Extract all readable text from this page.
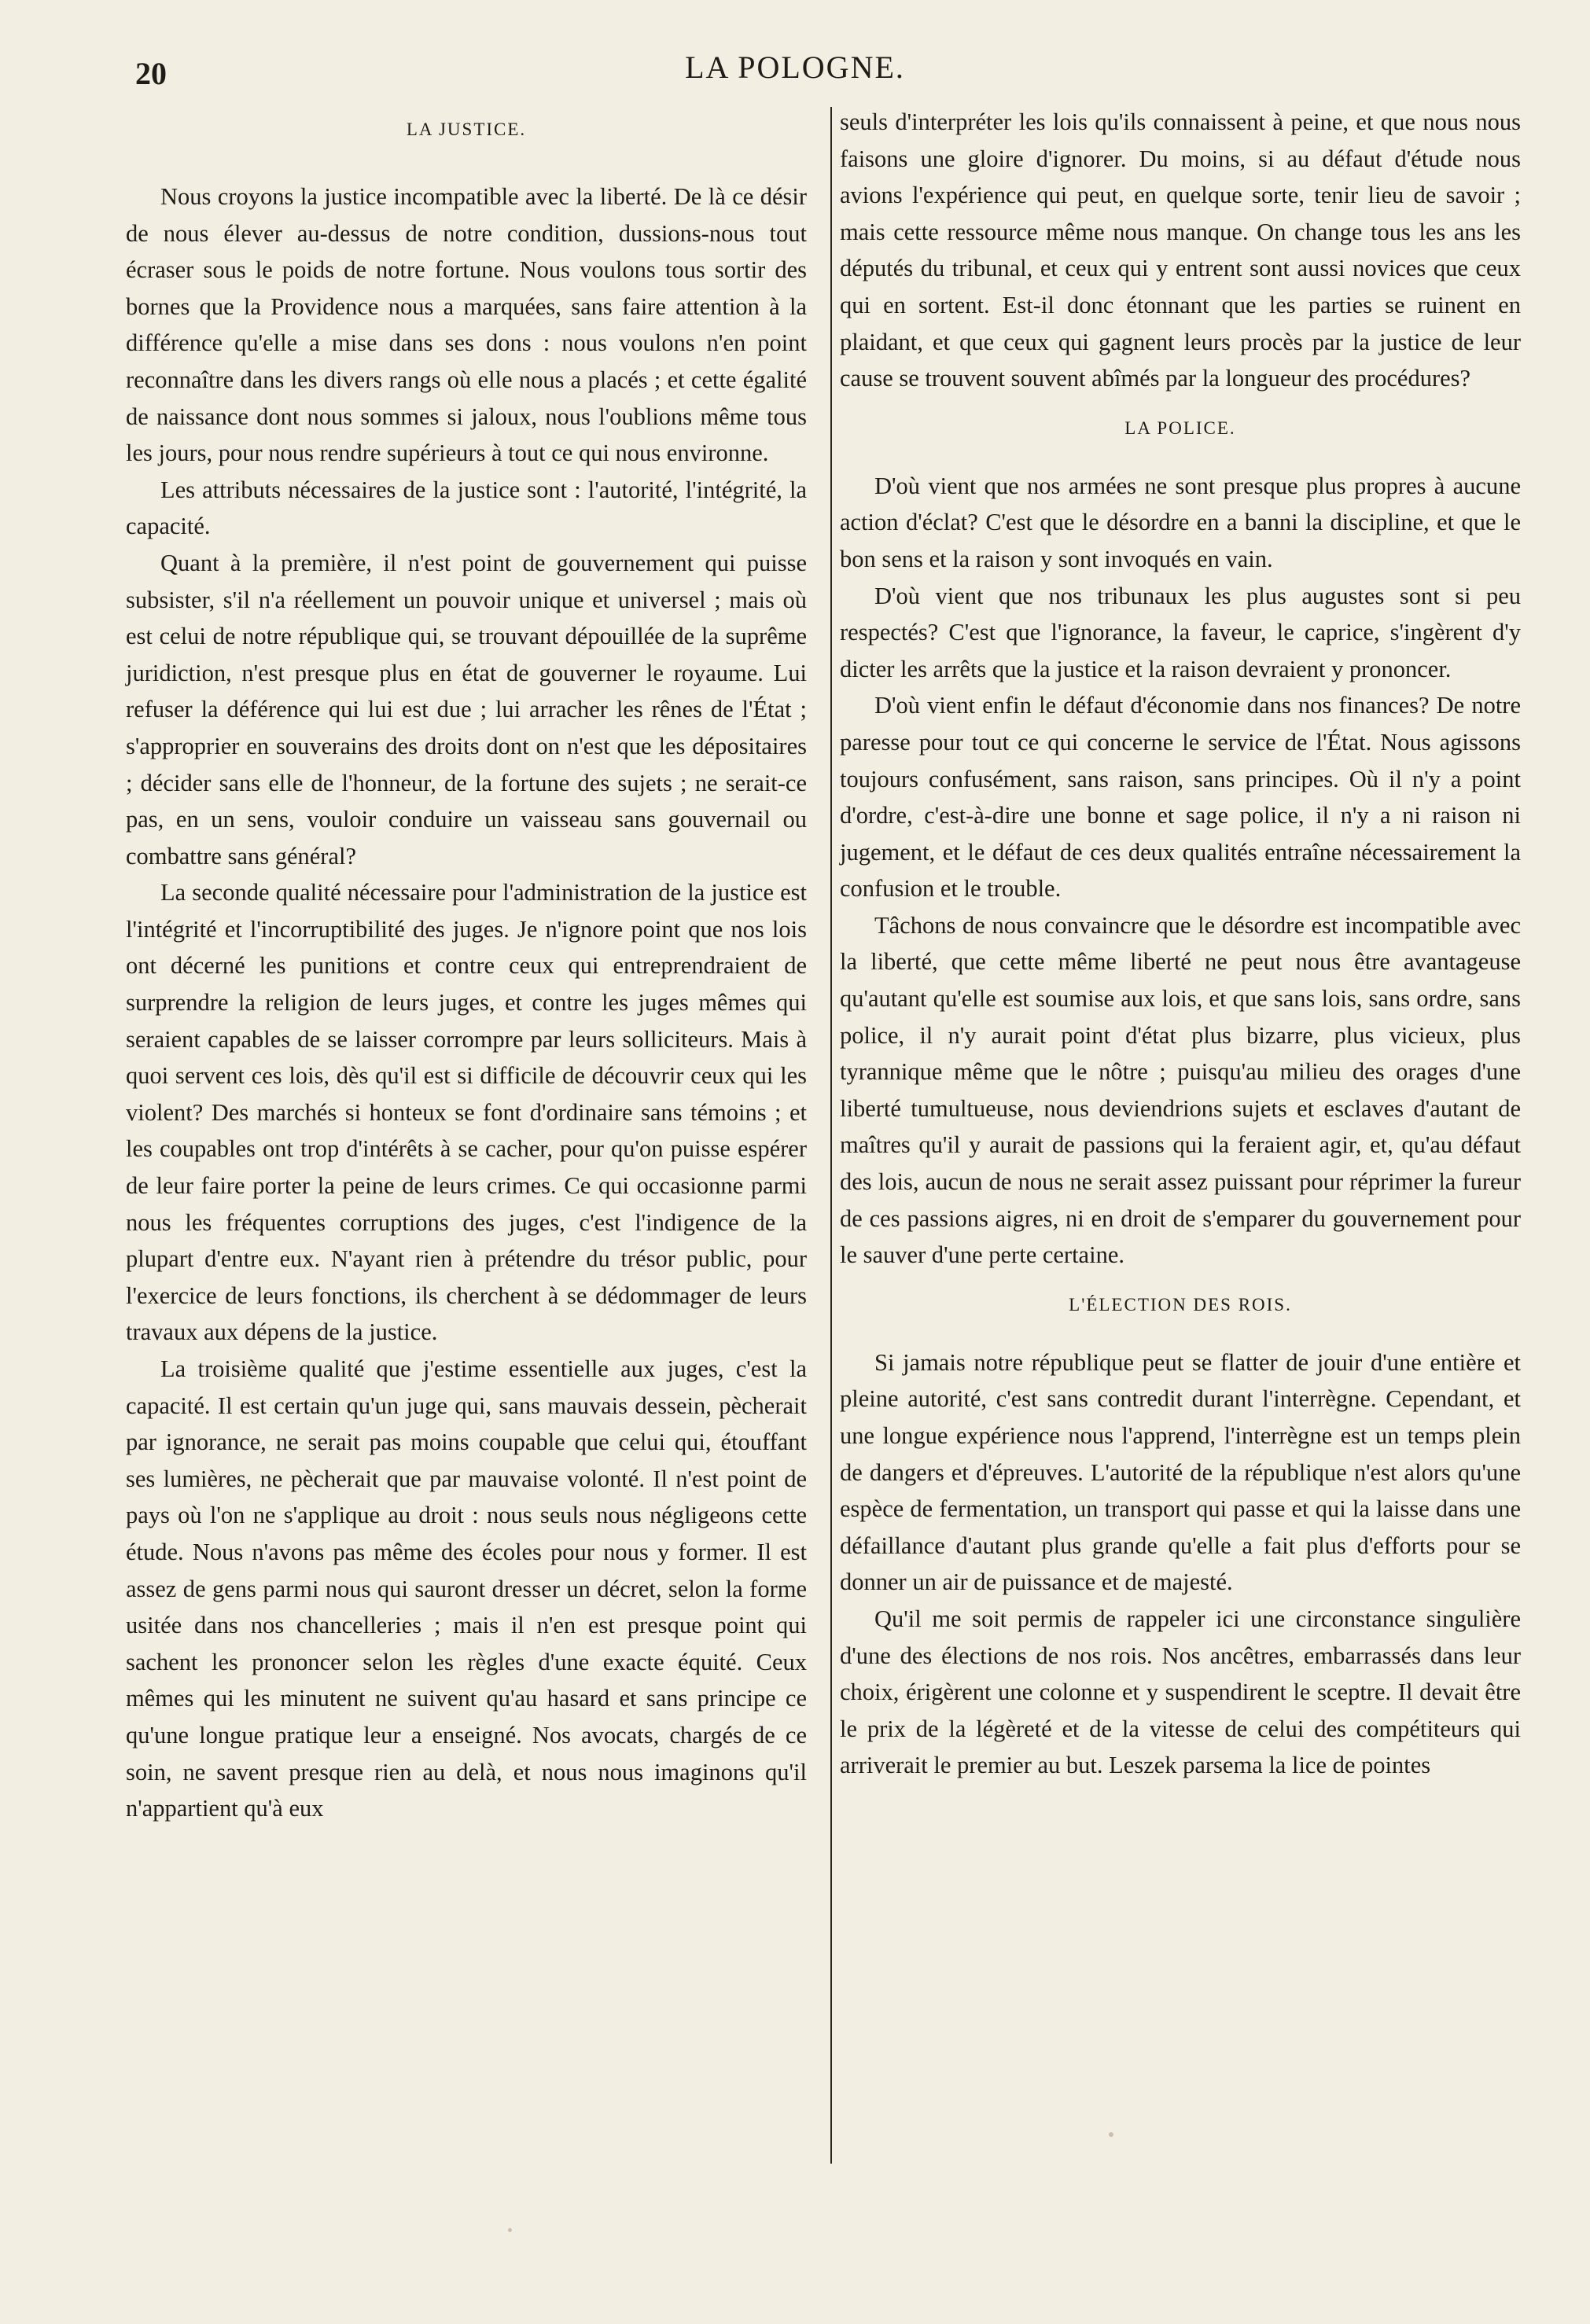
20	LA POLOGNE.
LA JUSTICE.

Nous croyons la justice incompatible avec la liberté. De là ce désir de nous élever au-dessus de notre condition, dussions-nous tout écraser sous le poids de notre fortune. Nous voulons tous sortir des bornes que la Providence nous a marquées, sans faire attention à la différence qu'elle a mise dans ses dons : nous voulons n'en point reconnaître dans les divers rangs où elle nous a placés ; et cette égalité de naissance dont nous sommes si jaloux, nous l'oublions même tous les jours, pour nous rendre supérieurs à tout ce qui nous environne.

Les attributs nécessaires de la justice sont : l'autorité, l'intégrité, la capacité.

Quant à la première, il n'est point de gouvernement qui puisse subsister, s'il n'a réellement un pouvoir unique et universel ; mais où est celui de notre république qui, se trouvant dépouillée de la suprême juridiction, n'est presque plus en état de gouverner le royaume. Lui refuser la déférence qui lui est due ; lui arracher les rênes de l'État ; s'approprier en souverains des droits dont on n'est que les dépositaires ; décider sans elle de l'honneur, de la fortune des sujets ; ne serait-ce pas, en un sens, vouloir conduire un vaisseau sans gouvernail ou combattre sans général?

La seconde qualité nécessaire pour l'administration de la justice est l'intégrité et l'incorruptibilité des juges. Je n'ignore point que nos lois ont décerné les punitions et contre ceux qui entreprendraient de surprendre la religion de leurs juges, et contre les juges mêmes qui seraient capables de se laisser corrompre par leurs solliciteurs. Mais à quoi servent ces lois, dès qu'il est si difficile de découvrir ceux qui les violent? Des marchés si honteux se font d'ordinaire sans témoins ; et les coupables ont trop d'intérêts à se cacher, pour qu'on puisse espérer de leur faire porter la peine de leurs crimes. Ce qui occasionne parmi nous les fréquentes corruptions des juges, c'est l'indigence de la plupart d'entre eux. N'ayant rien à prétendre du trésor public, pour l'exercice de leurs fonctions, ils cherchent à se dédommager de leurs travaux aux dépens de la justice.

La troisième qualité que j'estime essentielle aux juges, c'est la capacité. Il est certain qu'un juge qui, sans mauvais dessein, pècherait par ignorance, ne serait pas moins coupable que celui qui, étouffant ses lumières, ne pècherait que par mauvaise volonté. Il n'est point de pays où l'on ne s'applique au droit : nous seuls nous négligeons cette étude. Nous n'avons pas même des écoles pour nous y former. Il est assez de gens parmi nous qui sauront dresser un décret, selon la forme usitée dans nos chancelleries ; mais il n'en est presque point qui sachent les prononcer selon les règles d'une exacte équité. Ceux mêmes qui les minutent ne suivent qu'au hasard et sans principe ce qu'une longue pratique leur a enseigné. Nos avocats, chargés de ce soin, ne savent presque rien au delà, et nous nous imaginons qu'il n'appartient qu'à eux

seuls d'interpréter les lois qu'ils connaissent à peine, et que nous nous faisons une gloire d'ignorer. Du moins, si au défaut d'étude nous avions l'expérience qui peut, en quelque sorte, tenir lieu de savoir ; mais cette ressource même nous manque. On change tous les ans les députés du tribunal, et ceux qui y entrent sont aussi novices que ceux qui en sortent. Est-il donc étonnant que les parties se ruinent en plaidant, et que ceux qui gagnent leurs procès par la justice de leur cause se trouvent souvent abîmés par la longueur des procédures?

LA POLICE.

D'où vient que nos armées ne sont presque plus propres à aucune action d'éclat? C'est que le désordre en a banni la discipline, et que le bon sens et la raison y sont invoqués en vain.

D'où vient que nos tribunaux les plus augustes sont si peu respectés? C'est que l'ignorance, la faveur, le caprice, s'ingèrent d'y dicter les arrêts que la justice et la raison devraient y prononcer.

D'où vient enfin le défaut d'économie dans nos finances? De notre paresse pour tout ce qui concerne le service de l'État. Nous agissons toujours confusément, sans raison, sans principes. Où il n'y a point d'ordre, c'est-à-dire une bonne et sage police, il n'y a ni raison ni jugement, et le défaut de ces deux qualités entraîne nécessairement la confusion et le trouble.

Tâchons de nous convaincre que le désordre est incompatible avec la liberté, que cette même liberté ne peut nous être avantageuse qu'autant qu'elle est soumise aux lois, et que sans lois, sans ordre, sans police, il n'y aurait point d'état plus bizarre, plus vicieux, plus tyrannique même que le nôtre ; puisqu'au milieu des orages d'une liberté tumultueuse, nous deviendrions sujets et esclaves d'autant de maîtres qu'il y aurait de passions qui la feraient agir, et, qu'au défaut des lois, aucun de nous ne serait assez puissant pour réprimer la fureur de ces passions aigres, ni en droit de s'emparer du gouvernement pour le sauver d'une perte certaine.

L'ÉLECTION DES ROIS.

Si jamais notre république peut se flatter de jouir d'une entière et pleine autorité, c'est sans contredit durant l'interrègne. Cependant, et une longue expérience nous l'apprend, l'interrègne est un temps plein de dangers et d'épreuves. L'autorité de la république n'est alors qu'une espèce de fermentation, un transport qui passe et qui la laisse dans une défaillance d'autant plus grande qu'elle a fait plus d'efforts pour se donner un air de puissance et de majesté.

Qu'il me soit permis de rappeler ici une circonstance singulière d'une des élections de nos rois. Nos ancêtres, embarrassés dans leur choix, érigèrent une colonne et y suspendirent le sceptre. Il devait être le prix de la légèreté et de la vitesse de celui des compétiteurs qui arriverait le premier au but. Leszek parsema la lice de pointes
